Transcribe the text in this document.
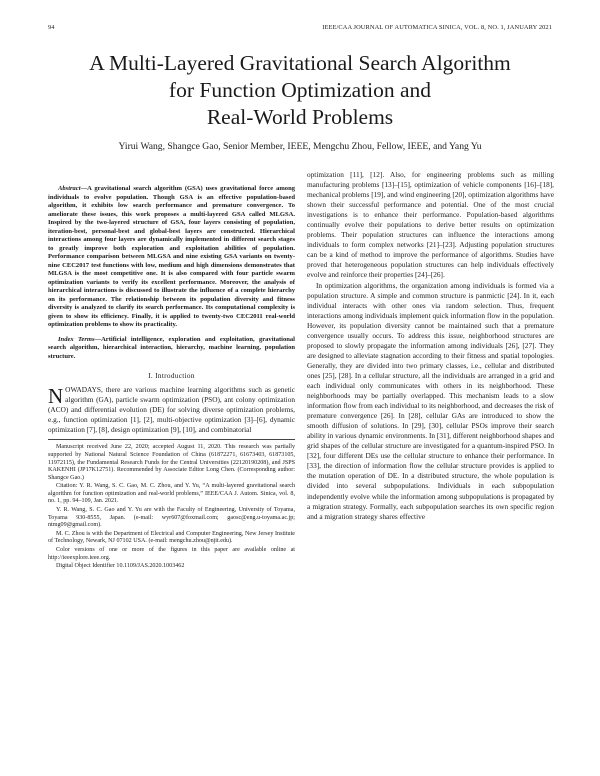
94	IEEE/CAA JOURNAL OF AUTOMATICA SINICA, VOL. 8, NO. 1, JANUARY 2021
A Multi-Layered Gravitational Search Algorithm
for Function Optimization and
Real-World Problems
Yirui Wang, Shangce Gao, Senior Member, IEEE, Mengchu Zhou, Fellow, IEEE, and Yang Yu

Abstract—A gravitational search algorithm (GSA) uses gravitational force among individuals to evolve population. Though GSA is an effective population-based algorithm, it exhibits low search performance and premature convergence. To ameliorate these issues, this work proposes a multi-layered GSA called MLGSA. Inspired by the two-layered structure of GSA, four layers consisting of population, iteration-best, personal-best and global-best layers are constructed. Hierarchical interactions among four layers are dynamically implemented in different search stages to greatly improve both exploration and exploitation abilities of population. Performance comparison between MLGSA and nine existing GSA variants on twenty-nine CEC2017 test functions with low, medium and high dimensions demonstrates that MLGSA is the most competitive one. It is also compared with four particle swarm optimization variants to verify its excellent performance. Moreover, the analysis of hierarchical interactions is discussed to illustrate the influence of a complete hierarchy on its performance. The relationship between its population diversity and fitness diversity is analyzed to clarify its search performance. Its computational complexity is given to show its efficiency. Finally, it is applied to twenty-two CEC2011 real-world optimization problems to show its practicality.

Index Terms—Artificial intelligence, exploration and exploitation, gravitational search algorithm, hierarchical interaction, hierarchy, machine learning, population structure.

I. Introduction

NOWADAYS, there are various machine learning algorithms such as genetic algorithm (GA), particle swarm optimization (PSO), ant colony optimization (ACO) and differential evolution (DE) for solving diverse optimization problems, e.g., function optimization [1], [2], multi-objective optimization [3]–[6], dynamic optimization [7], [8], design optimization [9], [10], and combinatorial

Manuscript received June 22, 2020; accepted August 11, 2020. This research was partially supported by National Natural Science Foundation of China (61872271, 61673403, 61873105, 11972115), the Fundamental Research Funds for the Central Universities (22120190208), and JSPS KAKENHI (JP17K12751). Recommended by Associate Editor Long Chen. (Corresponding author: Shangce Gao.)

Citation: Y. R. Wang, S. C. Gao, M. C. Zhou, and Y. Yu, “A multi-layered gravitational search algorithm for function optimization and real-world problems,” IEEE/CAA J. Autom. Sinica, vol. 8, no. 1, pp. 94–109, Jan. 2021.

Y. R. Wang, S. C. Gao and Y. Yu are with the Faculty of Engineering, University of Toyama, Toyama 930-8555, Japan. (e-mail: wyr607@foxmail.com; gaosc@eng.u-toyama.ac.jp; ntmg09@gmail.com).

M. C. Zhou is with the Department of Electrical and Computer Engineering, New Jersey Institute of Technology, Newark, NJ 07102 USA. (e-mail: mengchu.zhou@njit.edu).

Color versions of one or more of the figures in this paper are available online at http://ieeexplore.ieee.org.

Digital Object Identifier 10.1109/JAS.2020.1003462

optimization [11], [12]. Also, for engineering problems such as milling manufacturing problems [13]–[15], optimization of vehicle components [16]–[18], mechanical problems [19], and wind engineering [20], optimization algorithms have shown their successful performance and potential. One of the most crucial investigations is to enhance their performance. Population-based algorithms continually evolve their populations to derive better results on optimization problems. Their population structures can influence the interactions among individuals to form complex networks [21]–[23]. Adjusting population structures can be a kind of method to improve the performance of algorithms. Studies have proved that heterogeneous population structures can help individuals effectively evolve and reinforce their properties [24]–[26].

In optimization algorithms, the organization among individuals is formed via a population structure. A simple and common structure is panmictic [24]. In it, each individual interacts with other ones via random selection. Thus, frequent interactions among individuals implement quick information flow in the population. However, its population diversity cannot be maintained such that a premature convergence usually occurs. To address this issue, neighborhood structures are proposed to slowly propagate the information among individuals [26], [27]. They are designed to alleviate stagnation according to their fitness and spatial topologies. Generally, they are divided into two primary classes, i.e., cellular and distributed ones [25], [28]. In a cellular structure, all the individuals are arranged in a grid and each individual only communicates with others in its neighborhood. These neighborhoods may be partially overlapped. This mechanism leads to a slow information flow from each individual to its neighborhood, and decreases the risk of premature convergence [26]. In [28], cellular GAs are introduced to show the smooth diffusion of solutions. In [29], [30], cellular PSOs improve their search ability in various dynamic environments. In [31], different neighborhood shapes and grid shapes of the cellular structure are investigated for a quantum-inspired PSO. In [32], four different DEs use the cellular structure to enhance their performance. In [33], the direction of information flow the cellular structure provides is applied to the mutation operation of DE. In a distributed structure, the whole population is divided into several subpopulations. Individuals in each subpopulation independently evolve while the information among subpopulations is propagated by a migration strategy. Formally, each subpopulation searches its own specific region and a migration strategy shares effective
